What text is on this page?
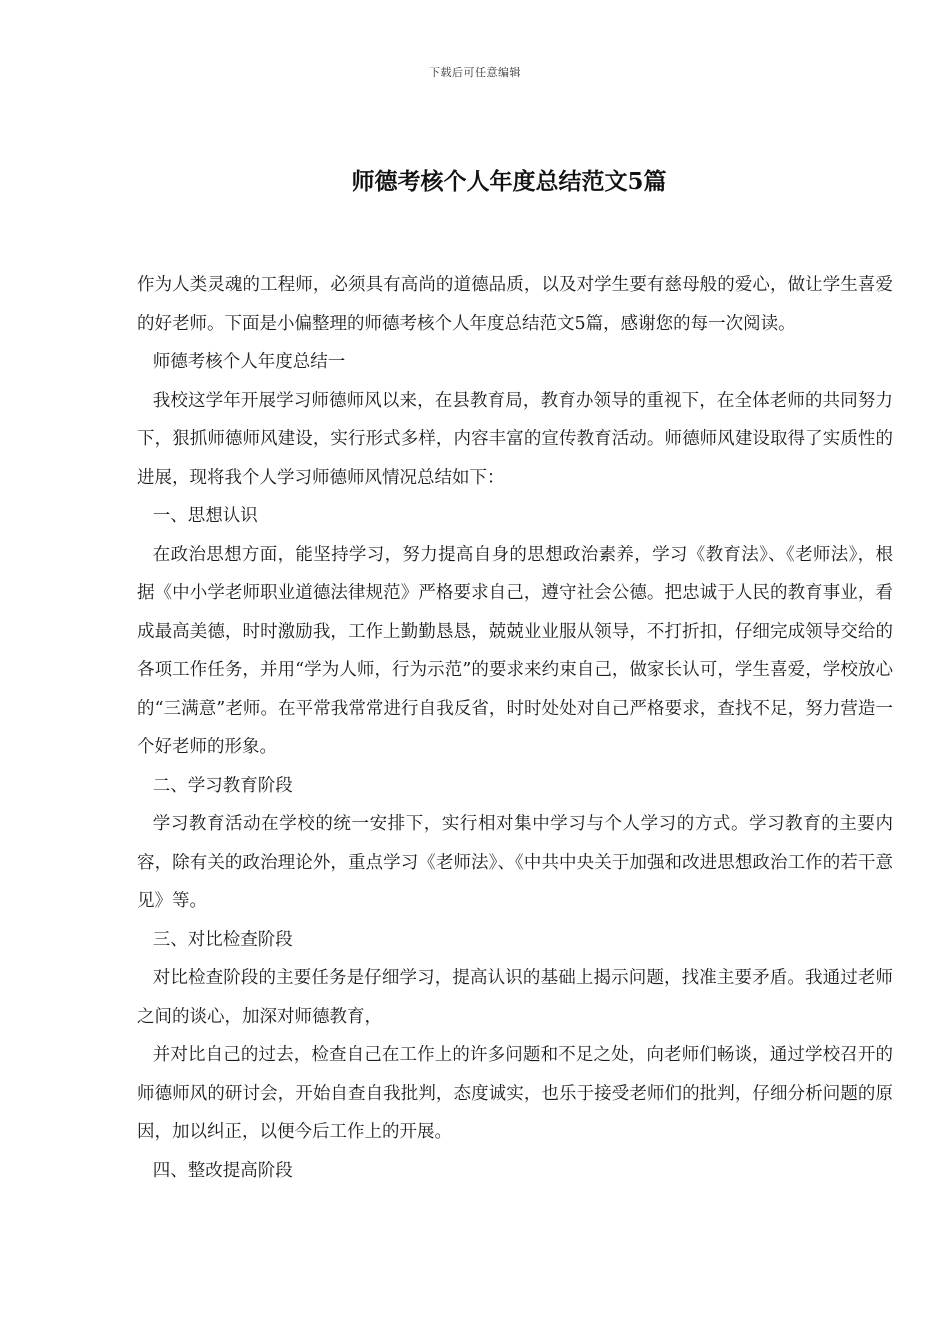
下载后可任意编辑
师德考核个人年度总结范文5篇

作为人类灵魂的工程师，必须具有高尚的道德品质，以及对学生要有慈母般的爱心，做让学生喜爱的好老师。下面是小偏整理的师德考核个人年度总结范文5篇，感谢您的每一次阅读。

师德考核个人年度总结一

我校这学年开展学习师德师风以来，在县教育局，教育办领导的重视下，在全体老师的共同努力下，狠抓师德师风建设，实行形式多样，内容丰富的宣传教育活动。师德师风建设取得了实质性的进展，现将我个人学习师德师风情况总结如下：

一、思想认识

在政治思想方面，能坚持学习，努力提高自身的思想政治素养，学习《教育法》、《老师法》，根据《中小学老师职业道德法律规范》严格要求自己，遵守社会公德。把忠诚于人民的教育事业，看成最高美德，时时激励我，工作上勤勤恳恳，兢兢业业服从领导，不打折扣，仔细完成领导交给的各项工作任务，并用“学为人师，行为示范”的要求来约束自己，做家长认可，学生喜爱，学校放心的“三满意”老师。在平常我常常进行自我反省，时时处处对自己严格要求，查找不足，努力营造一个好老师的形象。

二、学习教育阶段

学习教育活动在学校的统一安排下，实行相对集中学习与个人学习的方式。学习教育的主要内容，除有关的政治理论外，重点学习《老师法》、《中共中央关于加强和改进思想政治工作的若干意见》等。

三、对比检查阶段

对比检查阶段的主要任务是仔细学习，提高认识的基础上揭示问题，找准主要矛盾。我通过老师之间的谈心，加深对师德教育，

并对比自己的过去，检查自己在工作上的许多问题和不足之处，向老师们畅谈，通过学校召开的师德师风的研讨会，开始自查自我批判，态度诚实，也乐于接受老师们的批判，仔细分析问题的原因，加以纠正，以便今后工作上的开展。

四、整改提高阶段
